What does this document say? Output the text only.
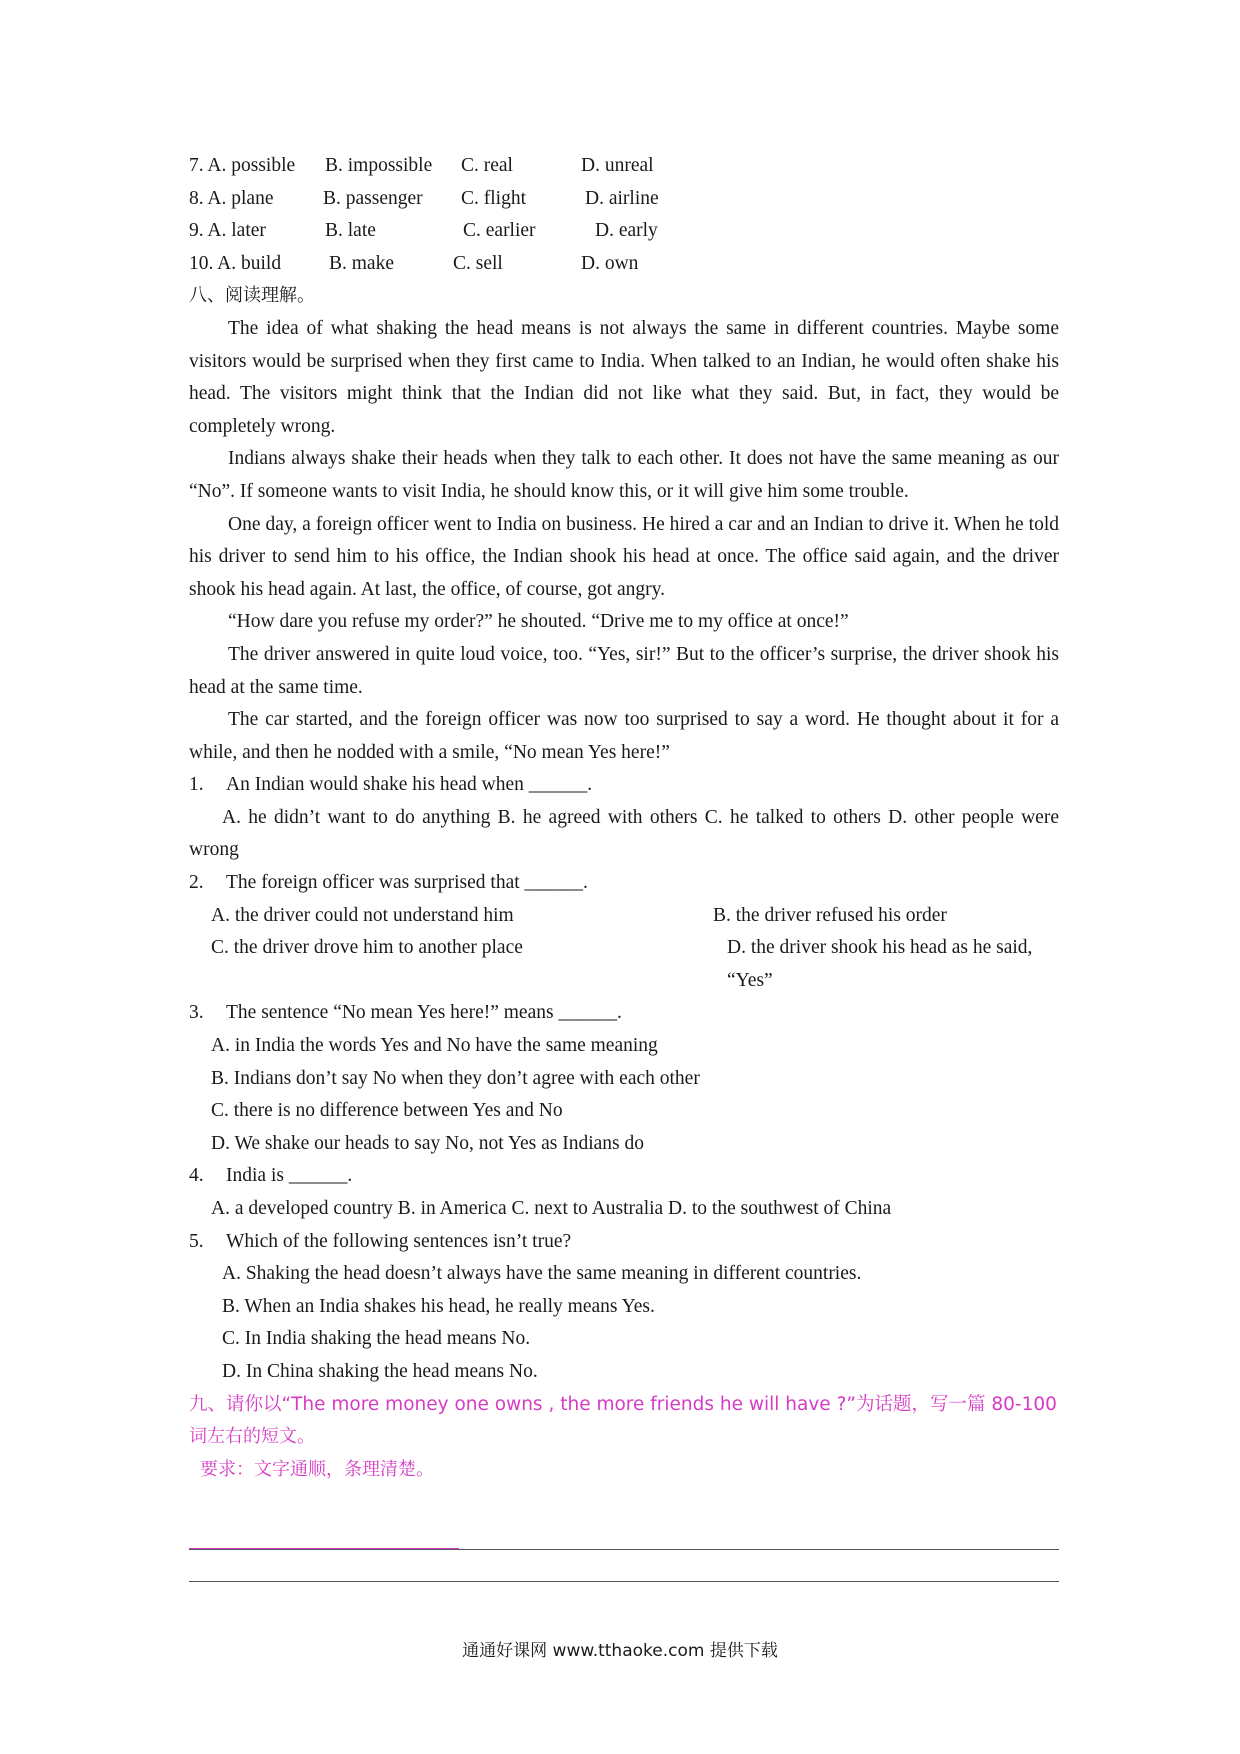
7. A. possible B. impossible C. real	D. unreal
8. A. plane	B. passenger C. flight	D. airline
9. A. later	B. late	C. earlier	D. early
10. A. build B. make	C. sell	D. own
八、阅读理解。

The idea of what shaking the head means is not always the same in different countries. Maybe some visitors would be surprised when they first came to India. When talked to an Indian, he would often shake his head. The visitors might think that the Indian did not like what they said. But, in fact, they would be completely wrong.

Indians always shake their heads when they talk to each other. It does not have the same meaning as our “No”. If someone wants to visit India, he should know this, or it will give him some trouble.

One day, a foreign officer went to India on business. He hired a car and an Indian to drive it. When he told his driver to send him to his office, the Indian shook his head at once. The office said again, and the driver shook his head again. At last, the office, of course, got angry.

“How dare you refuse my order?” he shouted. “Drive me to my office at once!”

The driver answered in quite loud voice, too. “Yes, sir!” But to the officer’s surprise, the driver shook his head at the same time.

The car started, and the foreign officer was now too surprised to say a word. He thought about it for a while, and then he nodded with a smile, “No mean Yes here!”

1. An Indian would shake his head when ______.

A. he didn’t want to do anything B. he agreed with others C. he talked to others D. other people were wrong

2. The foreign officer was surprised that ______.
A. the driver could not understand him	B. the driver refused his order
C. the driver drove him to another place	D. the driver shook his head as he said, “Yes”
3. The sentence “No mean Yes here!” means ______.
A. in India the words Yes and No have the same meaning
B. Indians don’t say No when they don’t agree with each other
C. there is no difference between Yes and No
D. We shake our heads to say No, not Yes as Indians do
4. India is ______.
A. a developed country B. in America C. next to Australia D. to the southwest of China
5. Which of the following sentences isn’t true?
A. Shaking the head doesn’t always have the same meaning in different countries.
B. When an India shakes his head, he really means Yes.
C. In India shaking the head means No.
D. In China shaking the head means No.
九、请你以“The more money one owns , the more friends he will have ?”为话题，写一篇 80-100
词左右的短文。
要求：文字通顺，条理清楚。
通通好课网 www.tthaoke.com 提供下载
